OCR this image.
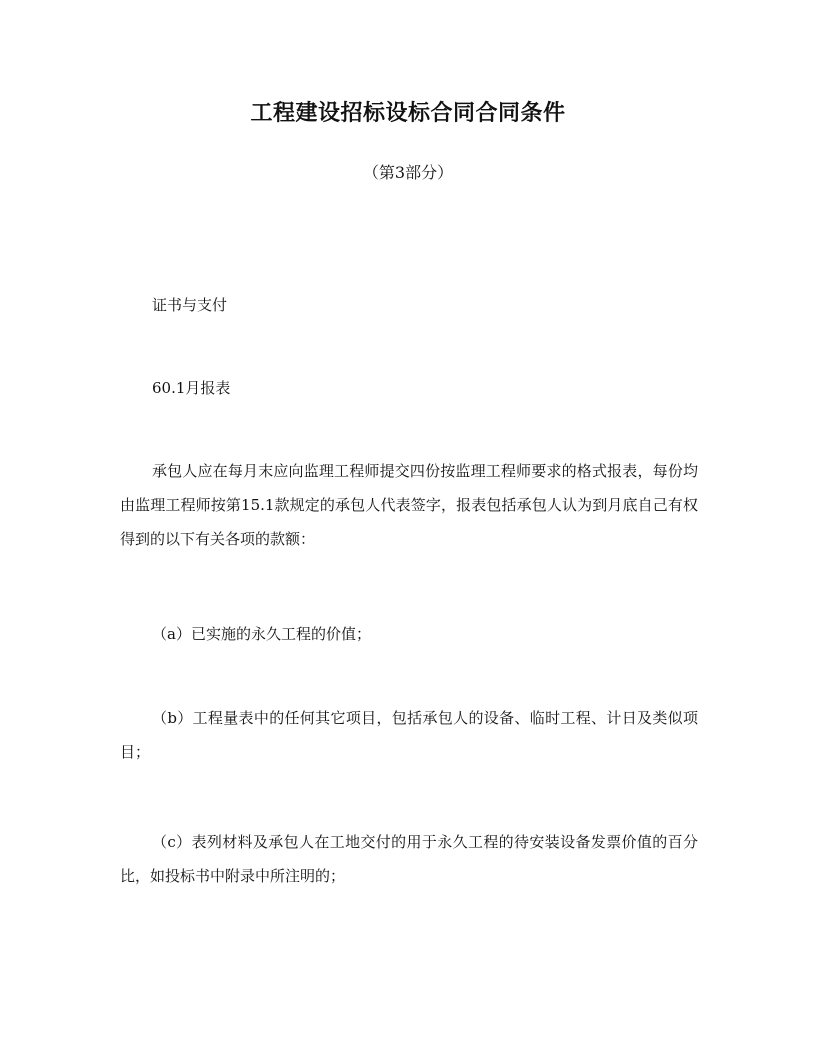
工程建设招标设标合同合同条件
（第3部分）

证书与支付

60.1月报表

承包人应在每月末应向监理工程师提交四份按监理工程师要求的格式报表，每份均由监理工程师按第15.1款规定的承包人代表签字，报表包括承包人认为到月底自己有权得到的以下有关各项的款额：

（a）已实施的永久工程的价值；

（b）工程量表中的任何其它项目，包括承包人的设备、临时工程、计日及类似项目；

（c）表列材料及承包人在工地交付的用于永久工程的待安装设备发票价值的百分比，如投标书中附录中所注明的；
